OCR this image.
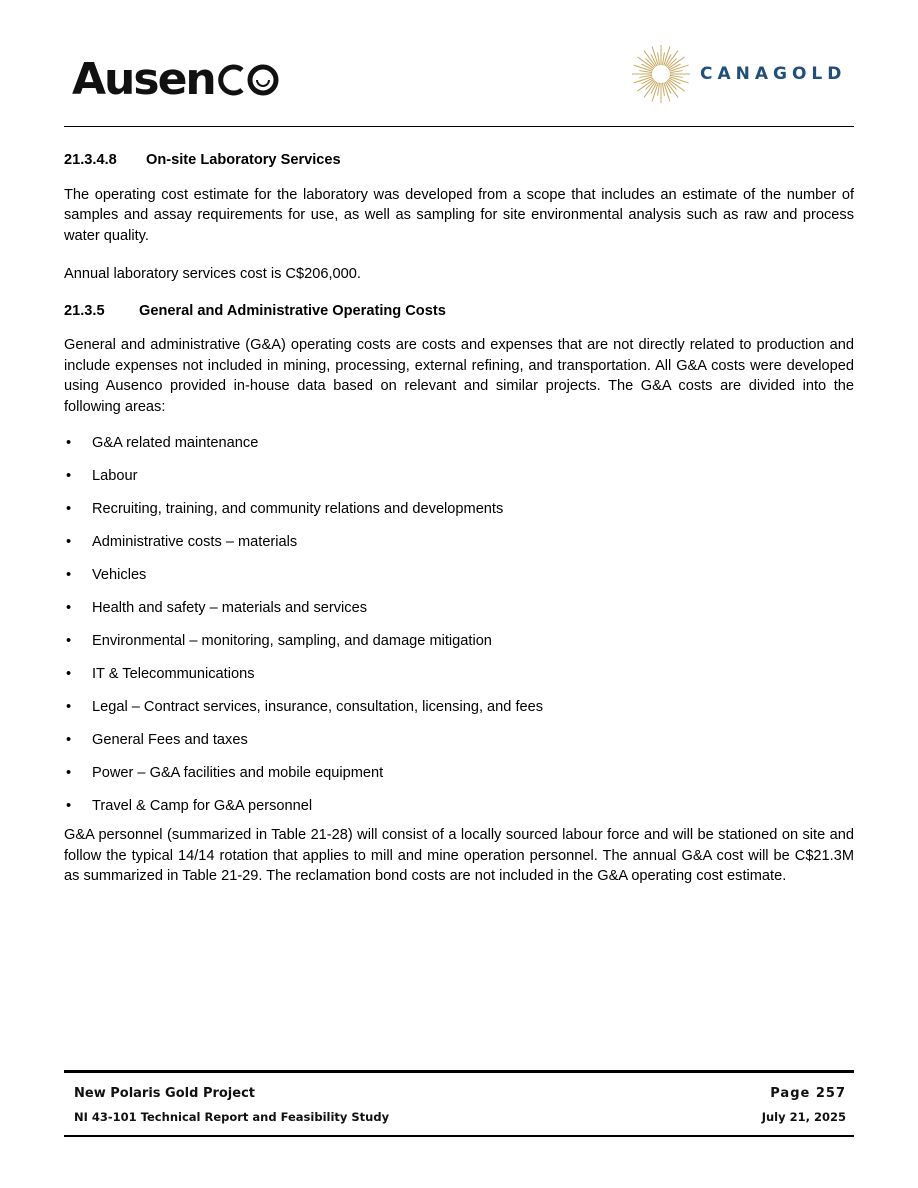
Ausen	CANAGOLD
21.3.4.8	On-site Laboratory Services

The operating cost estimate for the laboratory was developed from a scope that includes an estimate of the number of samples and assay requirements for use, as well as sampling for site environmental analysis such as raw and process water quality.

Annual laboratory services cost is C$206,000.

21.3.5	General and Administrative Operating Costs

General and administrative (G&A) operating costs are costs and expenses that are not directly related to production and include expenses not included in mining, processing, external refining, and transportation. All G&A costs were developed using Ausenco provided in-house data based on relevant and similar projects. The G&A costs are divided into the following areas:

• G&A related maintenance
• Labour
• Recruiting, training, and community relations and developments
• Administrative costs – materials
• Vehicles
• Health and safety – materials and services
• Environmental – monitoring, sampling, and damage mitigation
• IT & Telecommunications
• Legal – Contract services, insurance, consultation, licensing, and fees
• General Fees and taxes
• Power – G&A facilities and mobile equipment
• Travel & Camp for G&A personnel

G&A personnel (summarized in Table 21-28) will consist of a locally sourced labour force and will be stationed on site and follow the typical 14/14 rotation that applies to mill and mine operation personnel. The annual G&A cost will be C$21.3M as summarized in Table 21-29. The reclamation bond costs are not included in the G&A operating cost estimate.

New Polaris Gold Project	Page 257
NI 43-101 Technical Report and Feasibility Study	July 21, 2025
